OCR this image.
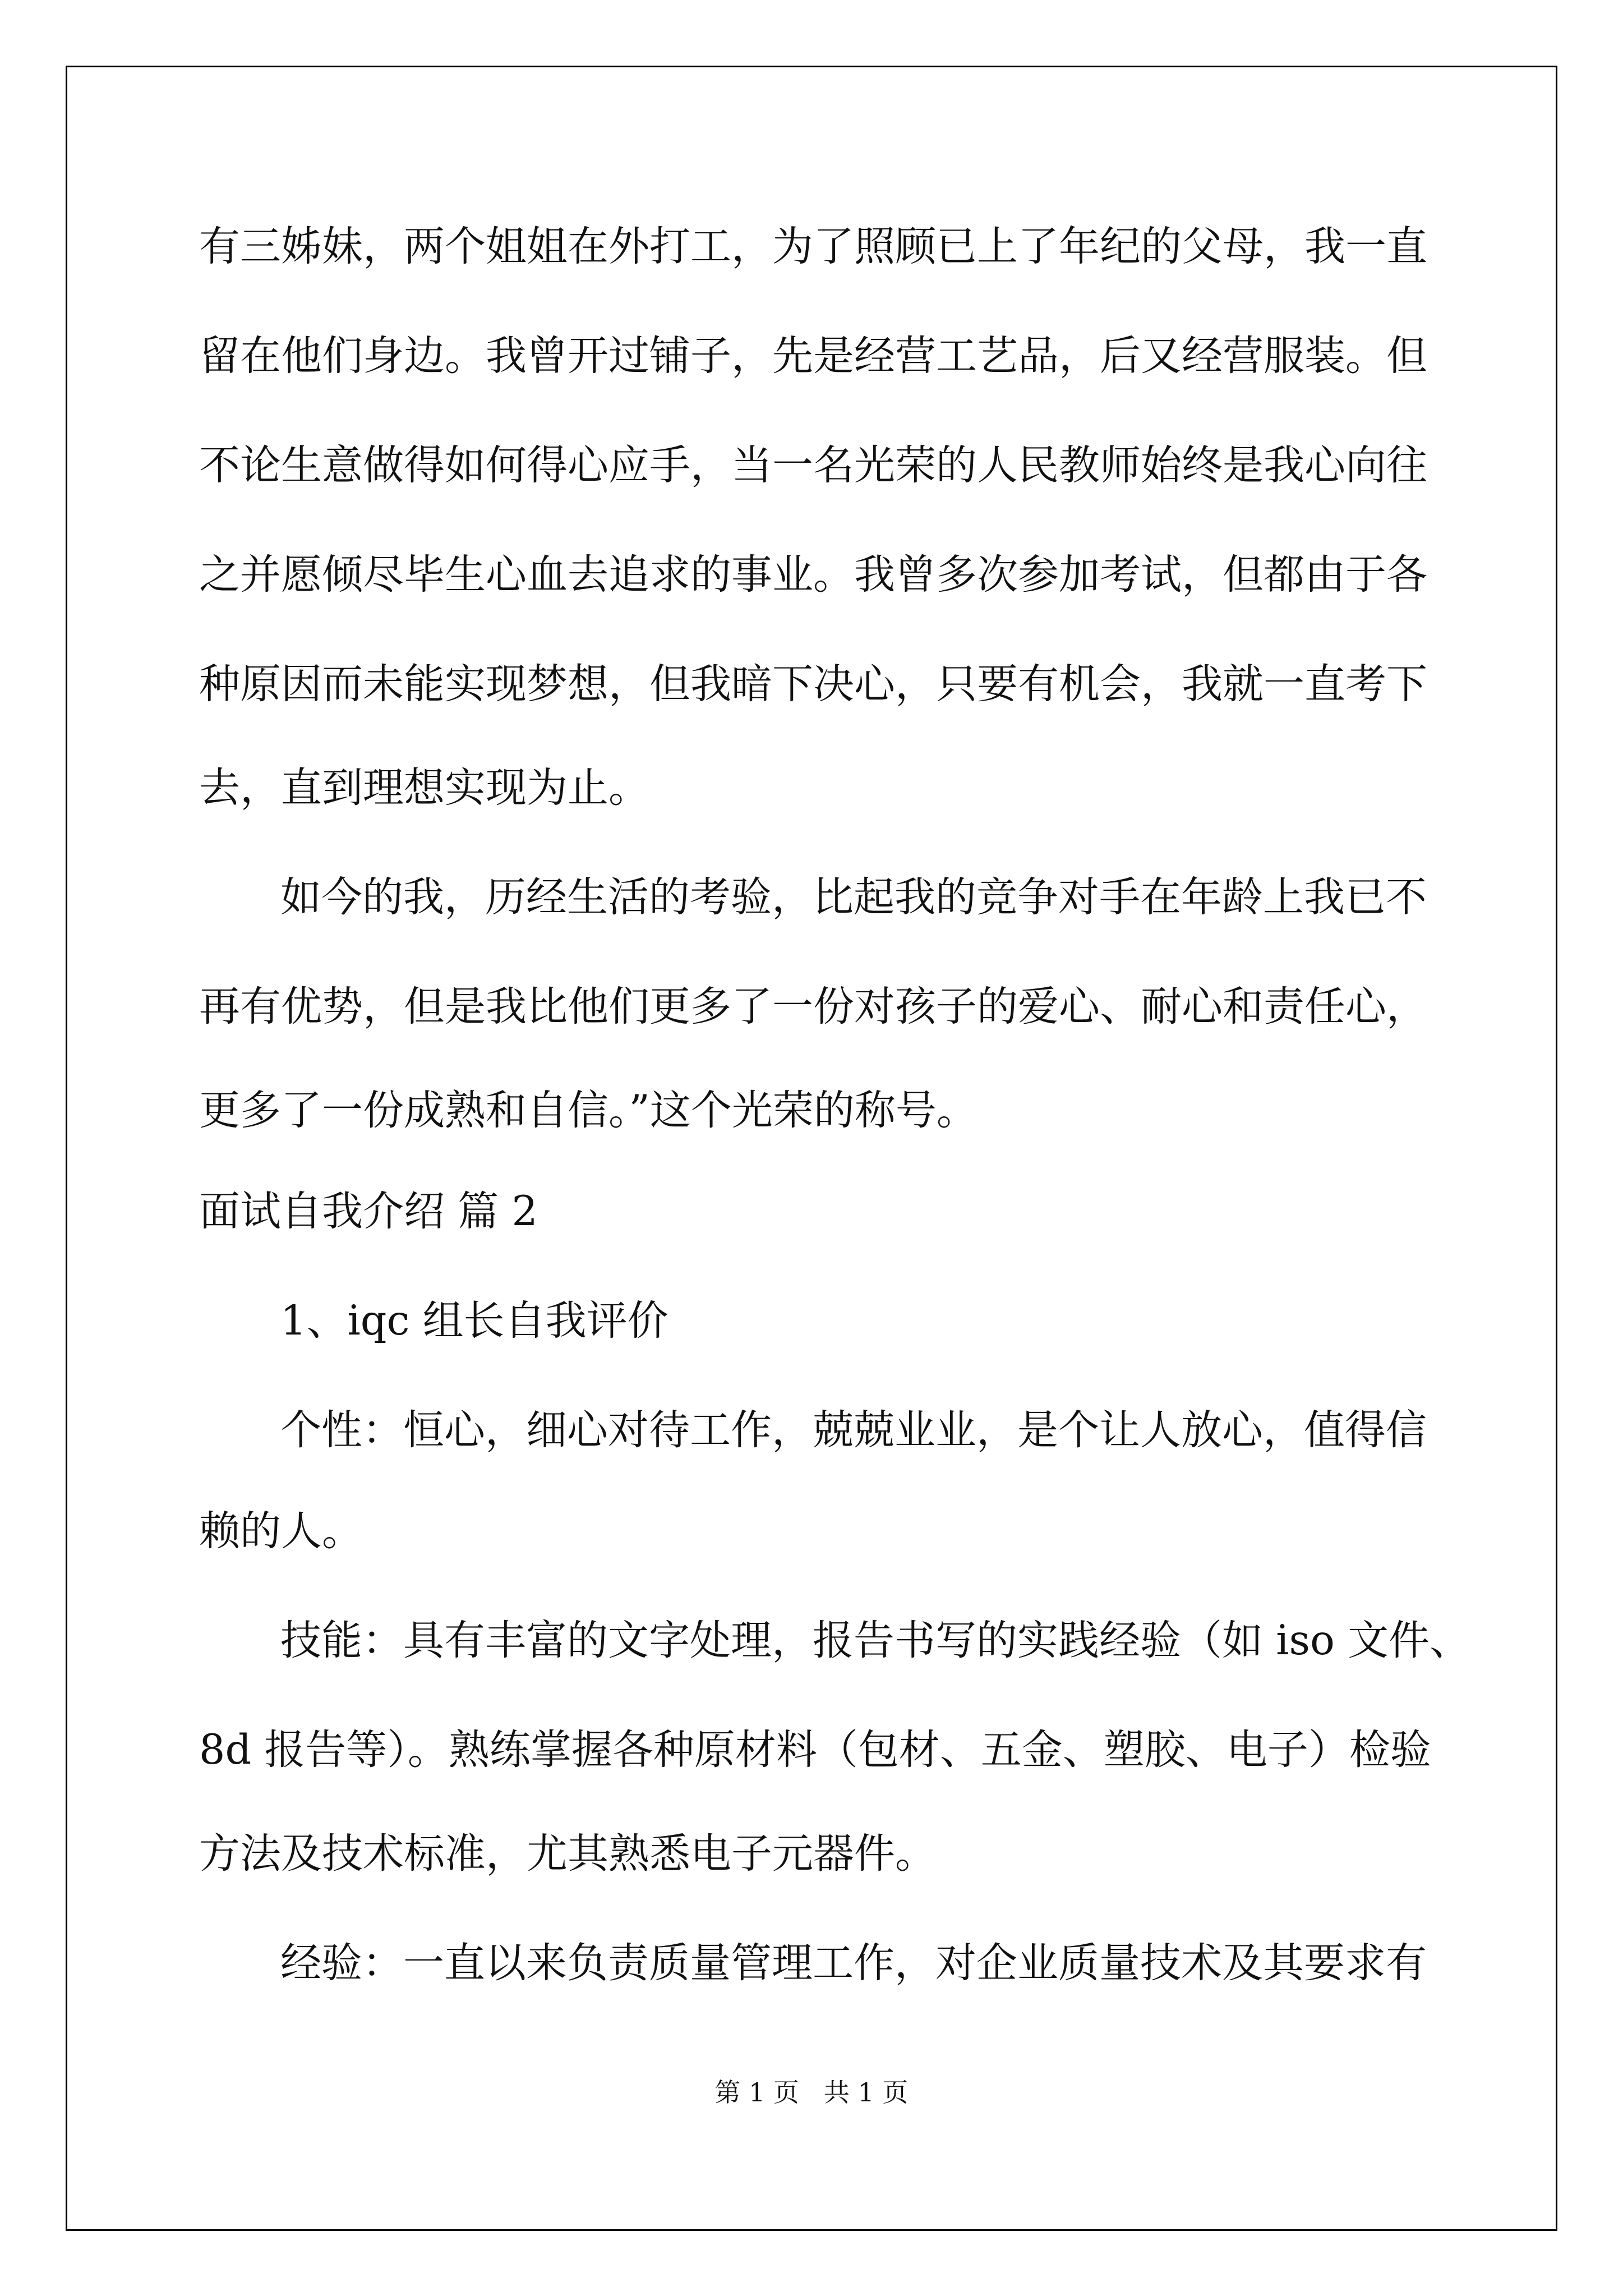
有三姊妹，两个姐姐在外打工，为了照顾已上了年纪的父母，我一直

留在他们身边。我曾开过铺子，先是经营工艺品，后又经营服装。但

不论生意做得如何得心应手，当一名光荣的人民教师始终是我心向往

之并愿倾尽毕生心血去追求的事业。我曾多次参加考试，但都由于各

种原因而未能实现梦想，但我暗下决心，只要有机会，我就一直考下

去，直到理想实现为止。

如今的我，历经生活的考验，比起我的竞争对手在年龄上我已不

再有优势，但是我比他们更多了一份对孩子的爱心、耐心和责任心，

更多了一份成熟和自信。”这个光荣的称号。

面试自我介绍 篇 2

1、iqc 组长自我评价

个性：恒心，细心对待工作，兢兢业业，是个让人放心，值得信

赖的人。

技能：具有丰富的文字处理，报告书写的实践经验（如 iso 文件、

8d 报告等）。熟练掌握各种原材料（包材、五金、塑胶、电子）检验

方法及技术标准，尤其熟悉电子元器件。

经验：一直以来负责质量管理工作，对企业质量技术及其要求有

第 1 页   共 1 页
